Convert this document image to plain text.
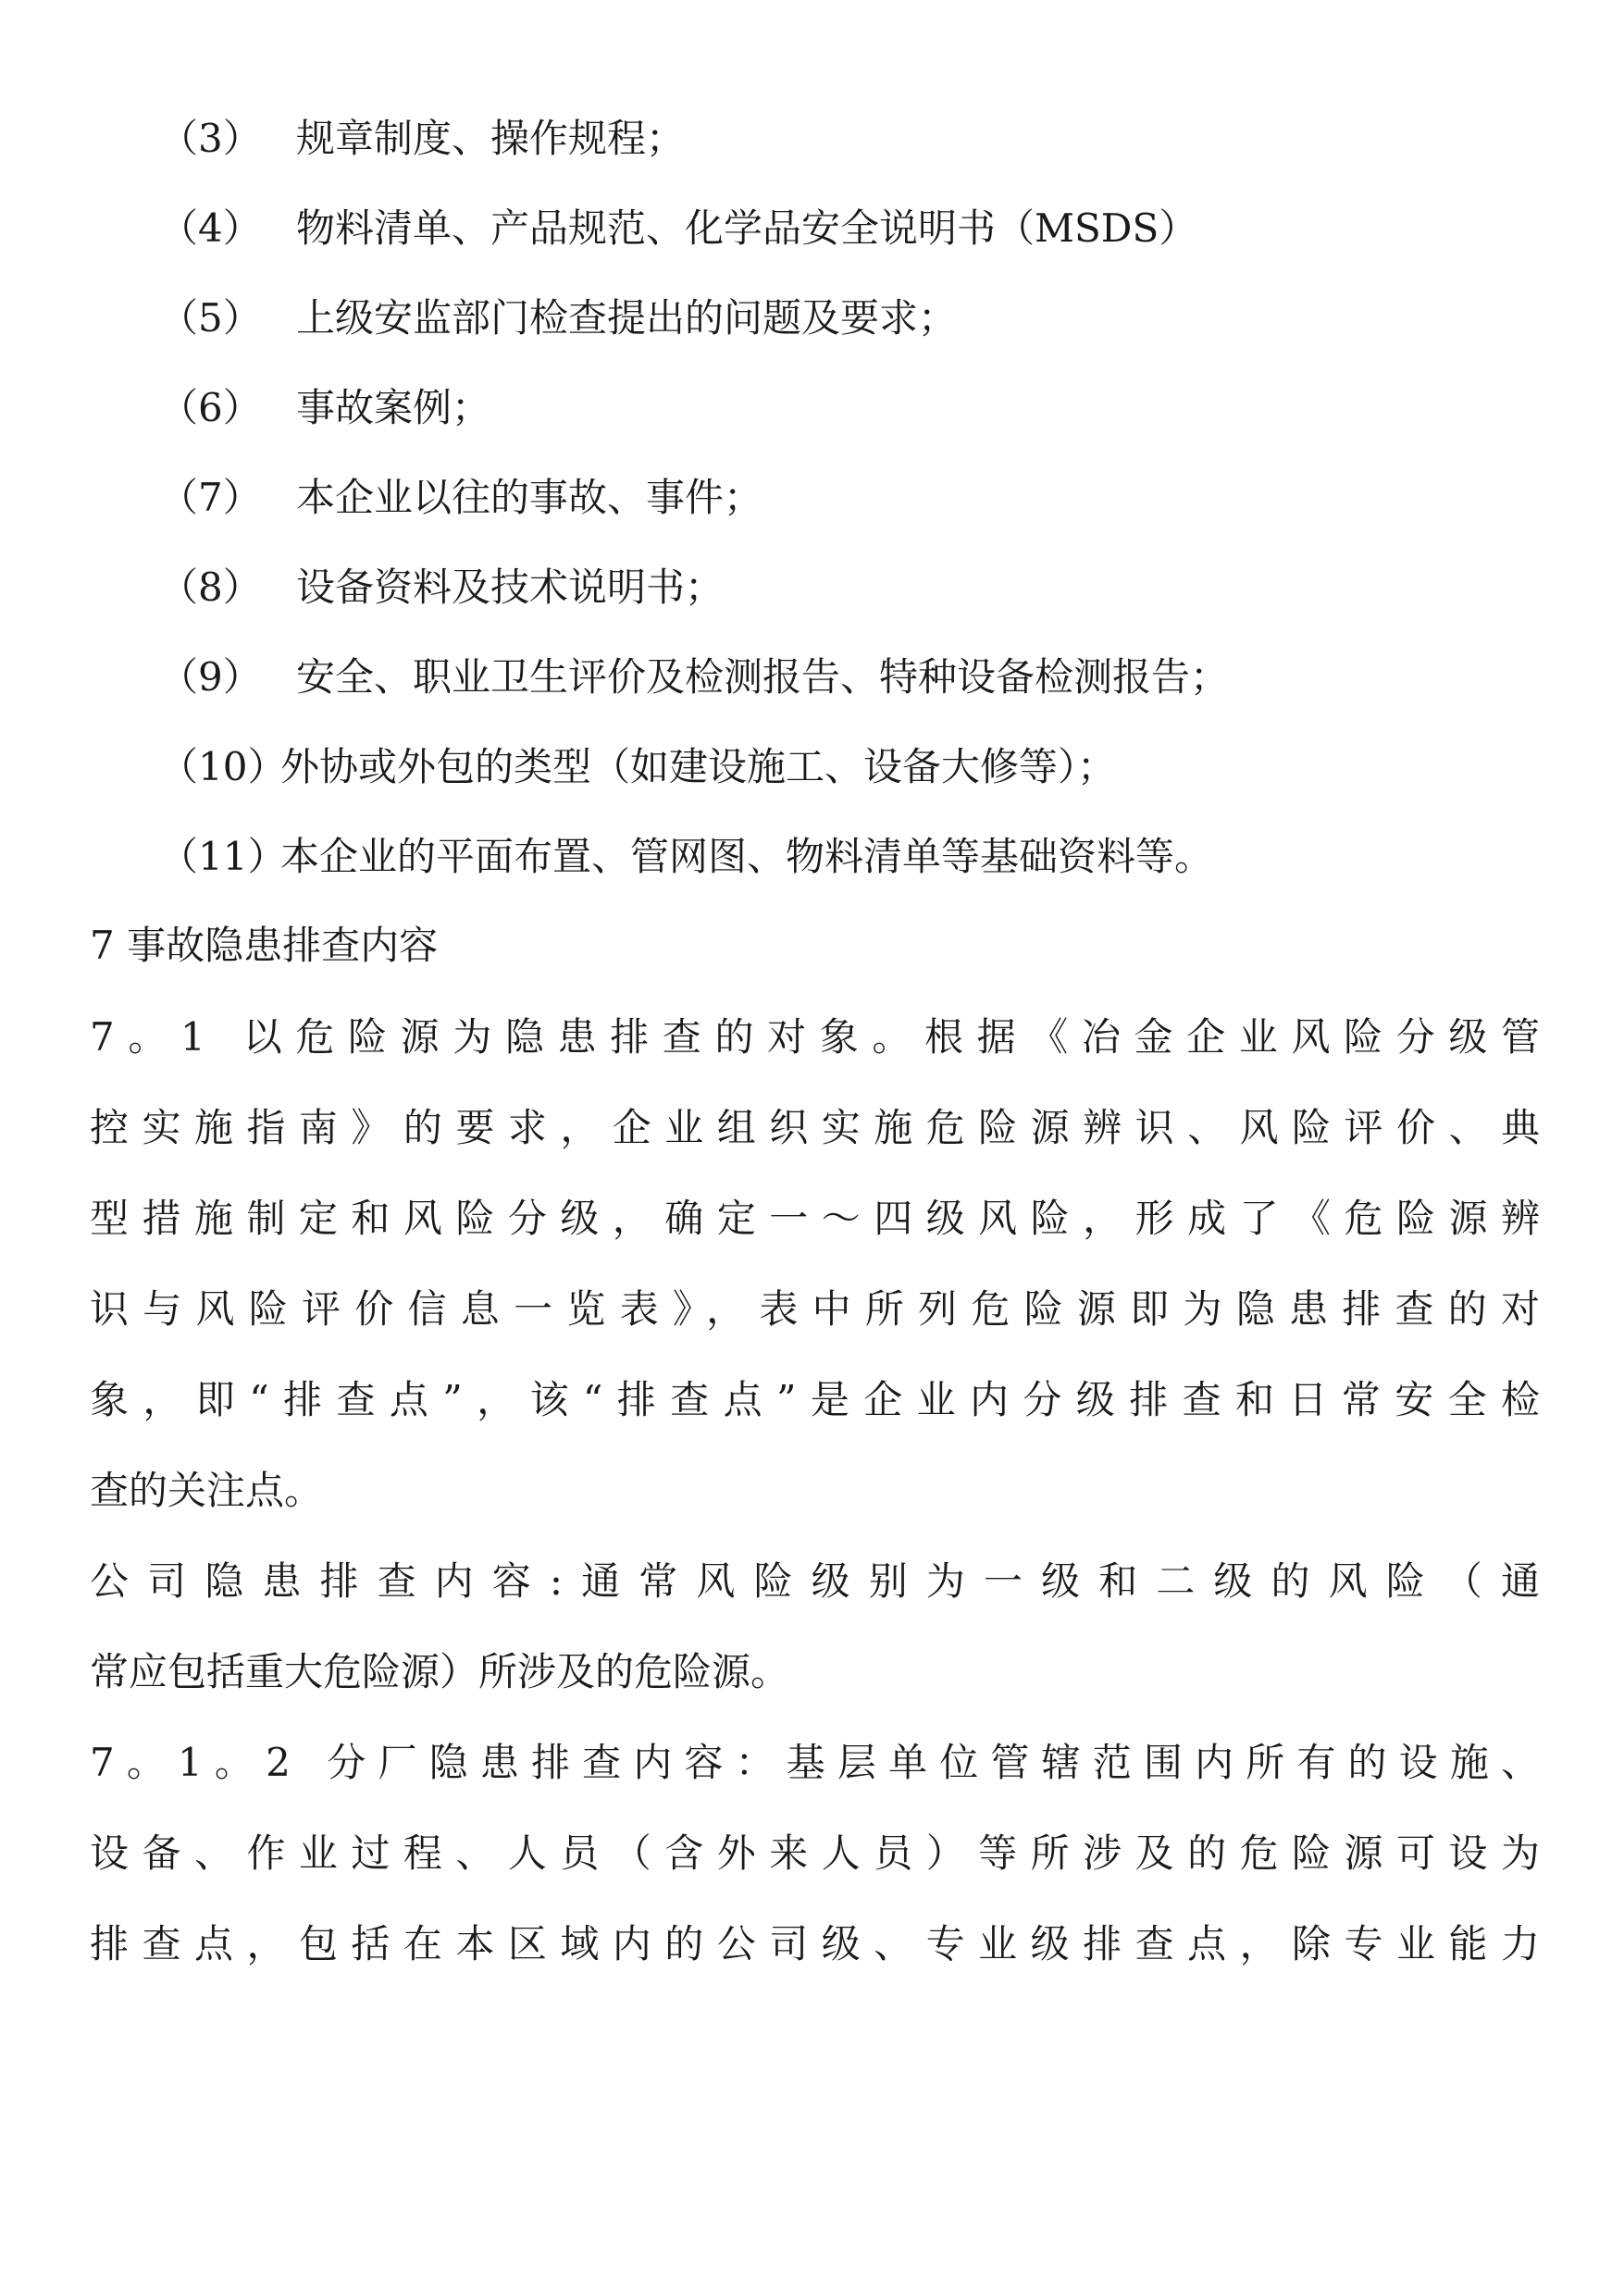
（3） 规章制度、操作规程；
（4） 物料清单、产品规范、化学品安全说明书（MSDS）
（5） 上级安监部门检查提出的问题及要求；
（6） 事故案例；
（7） 本企业以往的事故、事件；
（8） 设备资料及技术说明书；
（9） 安全、职业卫生评价及检测报告、特种设备检测报告；
（10）
外协或外包的类型（如建设施工、设备大修等）；
（11）
本企业的平面布置、管网图、物料清单等基础资料等。
7 事故隐患排查内容
7。1 以危险源为隐患排查的对象。根据《冶金企业风险分级管
控实施指南》的要求，企业组织实施危险源辨识、风险评价、典
型措施制定和风险分级，确定一〜四级风险，形成了《危险源辨
识与风险评价信息一览表》，表中所列危险源即为隐患排查的对
象，即“排查点”，该“排查点”是企业内分级排查和日常安全检
查的关注点。
公司隐患排查内容:通常风险级别为一级和二级的风险（通
常应包括重大危险源）所涉及的危险源。
7。1。2 分厂隐患排查内容：基层单位管辖范围内所有的设施、
设备、作业过程、人员（含外来人员）等所涉及的危险源可设为
排查点，包括在本区域内的公司级、专业级排查点，除专业能力
